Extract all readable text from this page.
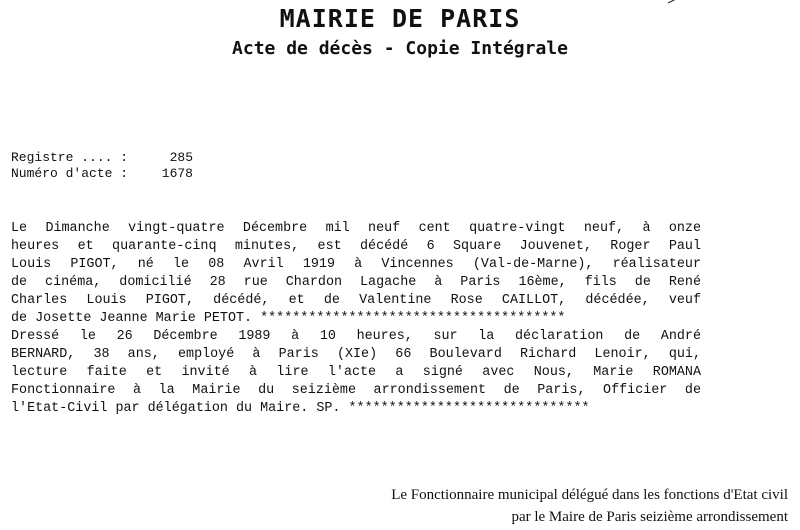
MAIRIE DE PARIS
Acte de décès - Copie Intégrale
Registre .... :	285
Numéro d'acte :	1678
Le Dimanche vingt-quatre Décembre mil neuf cent quatre-vingt neuf, à onze
heures et quarante-cinq minutes, est décédé 6 Square Jouvenet, Roger Paul
Louis PIGOT, né le 08 Avril 1919 à Vincennes (Val-de-Marne), réalisateur
de cinéma, domicilié 28 rue Chardon Lagache à Paris 16ème, fils de René
Charles Louis PIGOT, décédé, et de Valentine Rose CAILLOT, décédée, veuf
de Josette Jeanne Marie PETOT. **************************************
Dressé le 26 Décembre 1989 à 10 heures, sur la déclaration de André
BERNARD, 38 ans, employé à Paris (XIe) 66 Boulevard Richard Lenoir, qui,
lecture faite et invité à lire l'acte a signé avec Nous, Marie ROMANA
Fonctionnaire à la Mairie du seizième arrondissement de Paris, Officier de
l'Etat-Civil par délégation du Maire. SP. ******************************
Le Fonctionnaire municipal délégué dans les fonctions d'Etat civil
par le Maire de Paris seizième arrondissement
